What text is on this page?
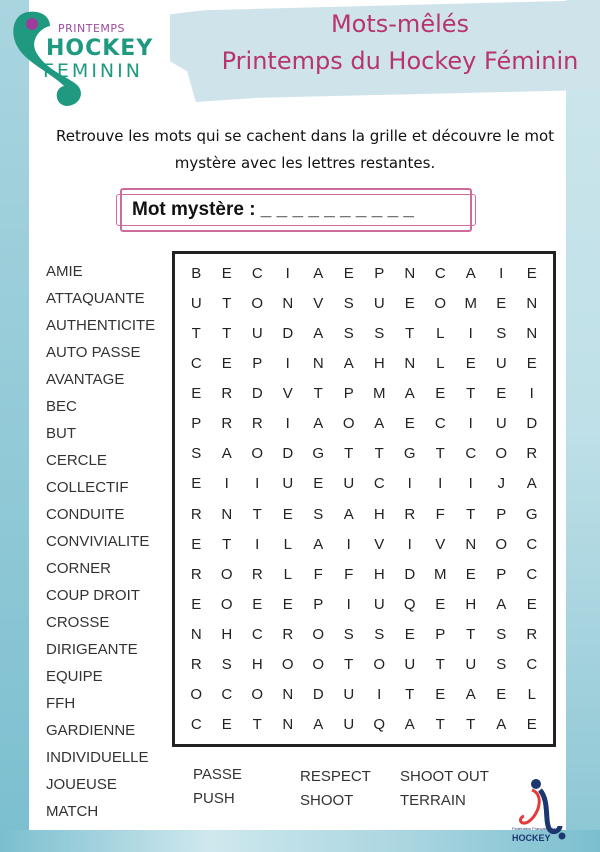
PRINTEMPS
HOCKEY
FEMININ
Mots-mêlés
Printemps du Hockey Féminin
Retrouve les mots qui se cachent dans la grille et découvre le mot mystère avec les lettres restantes.
Mot mystère : _ _ _ _ _ _ _ _ _ _
B	E	C	I	A	E	P	N	C	A	I	E
U	T	O	N	V	S	U	E	O	M	E	N
T	T	U	D	A	S	S	T	L	I	S	N
C	E	P	I	N	A	H	N	L	E	U	E
E	R	D	V	T	P	M	A	E	T	E	I
P	R	R	I	A	O	A	E	C	I	U	D
S	A	O	D	G	T	T	G	T	C	O	R
E	I	I	U	E	U	C	I	I	I	J	A
R	N	T	E	S	A	H	R	F	T	P	G
E	T	I	L	A	I	V	I	V	N	O	C
R	O	R	L	F	F	H	D	M	E	P	C
E	O	E	E	P	I	U	Q	E	H	A	E
N	H	C	R	O	S	S	E	P	T	S	R
R	S	H	O	O	T	O	U	T	U	S	C
O	C	O	N	D	U	I	T	E	A	E	L
C	E	T	N	A	U	Q	A	T	T	A	E
AMIE
ATTAQUANTE
AUTHENTICITE
AUTO PASSE
AVANTAGE
BEC
BUT
CERCLE
COLLECTIF
CONDUITE
CONVIVIALITE
CORNER
COUP DROIT
CROSSE
DIRIGEANTE
EQUIPE
FFH
GARDIENNE
INDIVIDUELLE
JOUEUSE
MATCH
PASSE
PUSH
RESPECT
SHOOT
SHOOT OUT
TERRAIN
Fédération Française de
HOCKEY
